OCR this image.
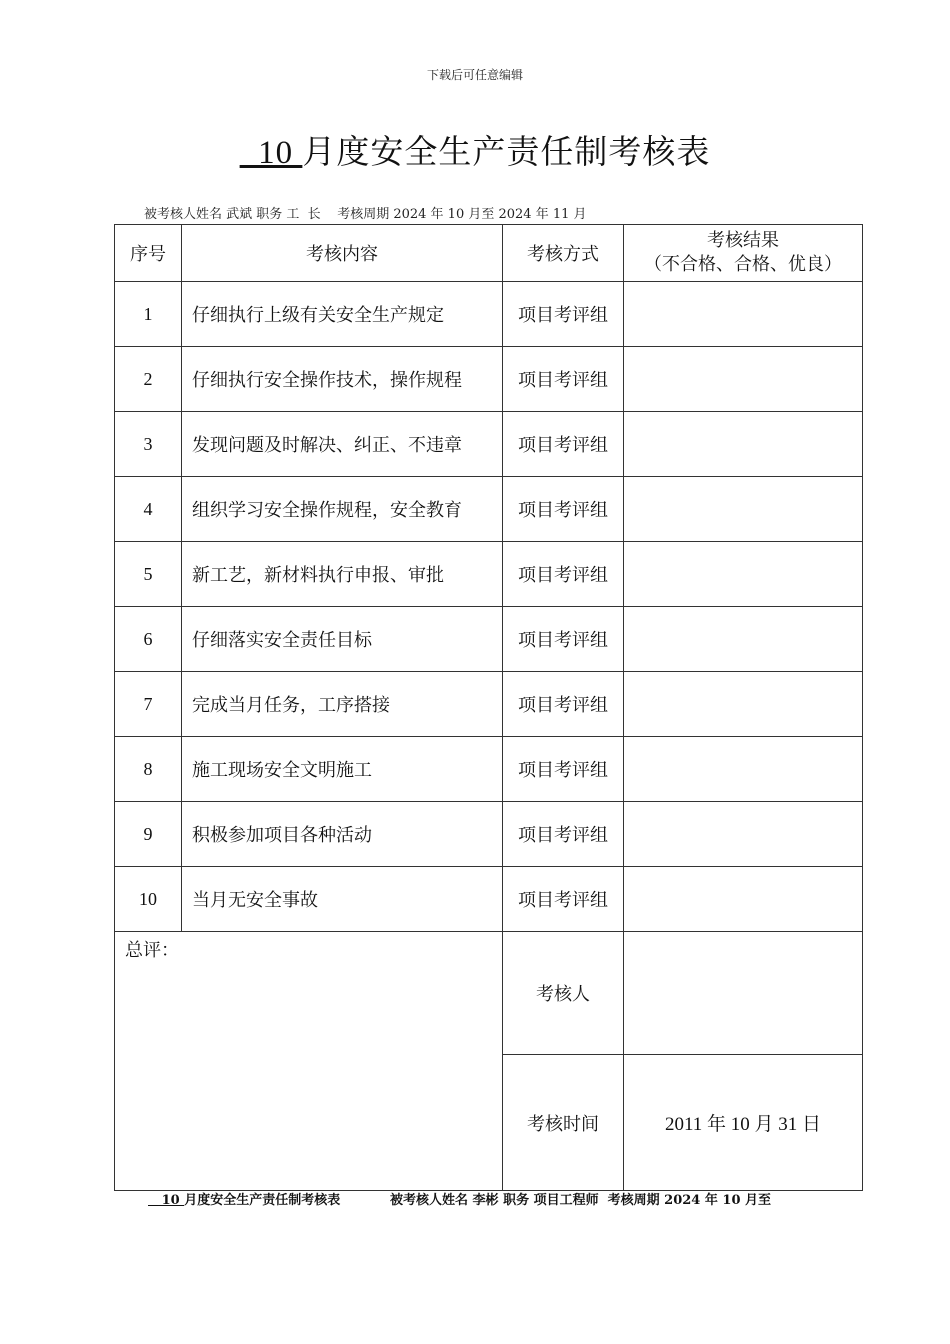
下载后可任意编辑
10 月度安全生产责任制考核表
被考核人姓名 武斌 职务 工  长    考核周期 2024 年 10 月至 2024 年 11 月
序号	考核内容	考核方式	考核结果
（不合格、合格、优良）

1	仔细执行上级有关安全生产规定	项目考评组	
2	仔细执行安全操作技术，操作规程	项目考评组	
3	发现问题及时解决、纠正、不违章	项目考评组	
4	组织学习安全操作规程，安全教育	项目考评组	
5	新工艺，新材料执行申报、审批	项目考评组	
6	仔细落实安全责任目标	项目考评组	
7	完成当月任务，工序搭接	项目考评组	
8	施工现场安全文明施工	项目考评组	
9	积极参加项目各种活动	项目考评组	
10	当月无安全事故	项目考评组	
总评：		考核人	
		考核时间	2011 年 10 月 31 日
10 月度安全生产责任制考核表	被考核人姓名 李彬 职务 项目工程师  考核周期 2024 年 10 月至
